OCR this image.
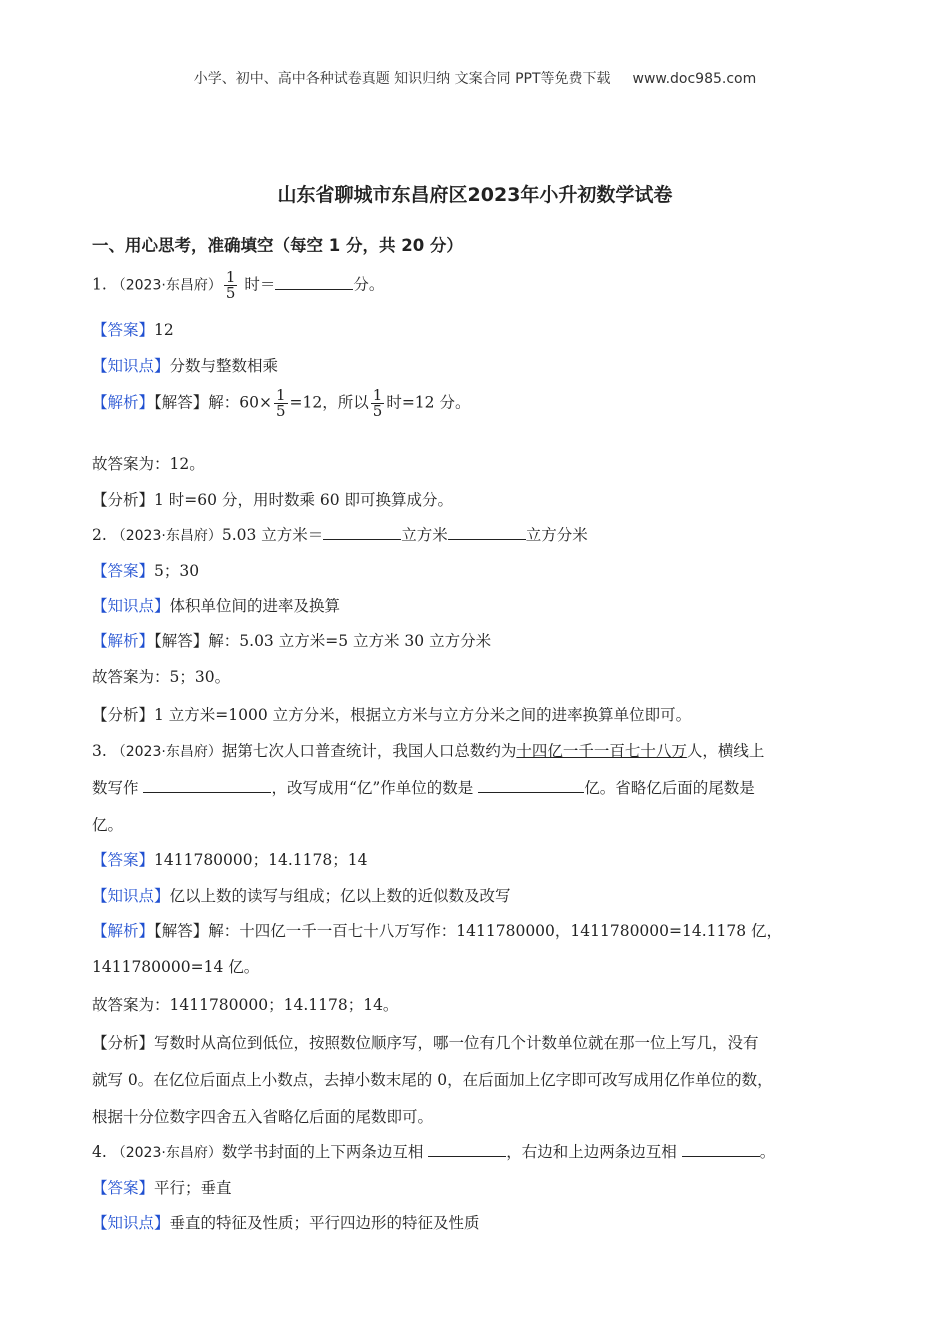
小学、初中、高中各种试卷真题 知识归纳 文案合同 PPT等免费下载 www.doc985.com
山东省聊城市东昌府区2023年小升初数学试卷
一、用心思考，准确填空（每空 1 分，共 20 分）
1. （2023·东昌府） $\frac{1}{5}$ 时＝	分。
【答案】12
【知识点】分数与整数相乘
【解析】【解答】解：$60\times \frac{1}{5} =12$，所以 $\frac{1}{5}$ 时=12 分。
故答案为：12。
【分析】1 时=60 分，用时数乘 60 即可换算成分。
2. （2023·东昌府）5.03 立方米＝	立方米	立方分米
【答案】5；30
【知识点】体积单位间的进率及换算
【解析】【解答】解：5.03 立方米=5 立方米 30 立方分米
故答案为：5；30。
【分析】1 立方米=1000 立方分米，根据立方米与立方分米之间的进率换算单位即可。
3. （2023·东昌府）据第七次人口普查统计，我国人口总数约为十四亿一千一百七十八万人，横线上
数写作	，改写成用“亿”作单位的数是	亿。省略亿后面的尾数是
亿。
【答案】1411780000；14.1178；14
【知识点】亿以上数的读写与组成；亿以上数的近似数及改写
【解析】【解答】解：十四亿一千一百七十八万写作：1411780000，1411780000=14.1178 亿，
1411780000=14 亿。
故答案为：1411780000；14.1178；14。
【分析】写数时从高位到低位，按照数位顺序写，哪一位有几个计数单位就在那一位上写几，没有
就写 0。在亿位后面点上小数点，去掉小数末尾的 0，在后面加上亿字即可改写成用亿作单位的数，
根据十分位数字四舍五入省略亿后面的尾数即可。
4. （2023·东昌府）数学书封面的上下两条边互相	，右边和上边两条边互相	。
【答案】平行；垂直
【知识点】垂直的特征及性质；平行四边形的特征及性质
